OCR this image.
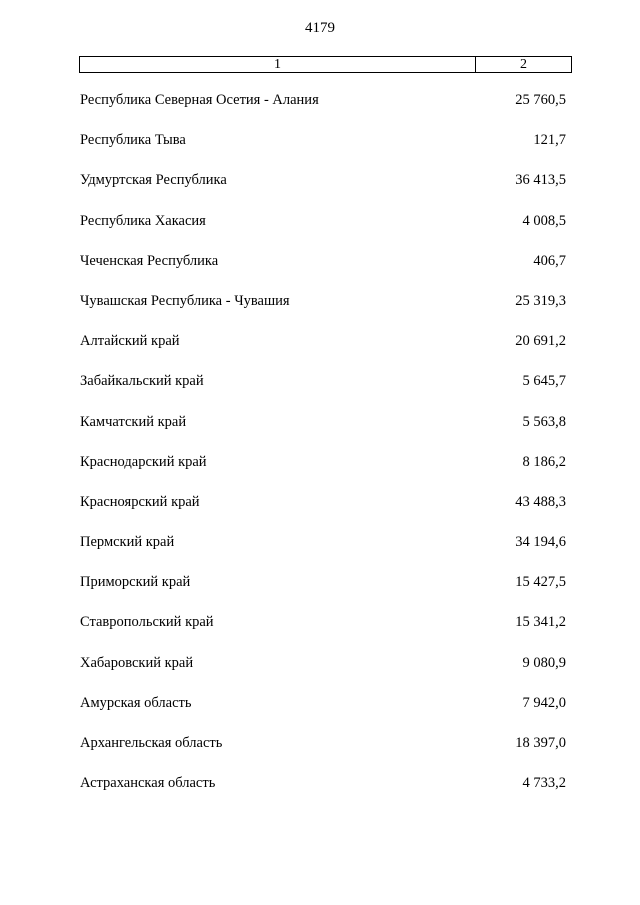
4179
1	2
Республика Северная Осетия - Алания	25 760,5
Республика Тыва	121,7
Удмуртская Республика	36 413,5
Республика Хакасия	4 008,5
Чеченская Республика	406,7
Чувашская Республика - Чувашия	25 319,3
Алтайский край	20 691,2
Забайкальский край	5 645,7
Камчатский край	5 563,8
Краснодарский край	8 186,2
Красноярский край	43 488,3
Пермский край	34 194,6
Приморский край	15 427,5
Ставропольский край	15 341,2
Хабаровский край	9 080,9
Амурская область	7 942,0
Архангельская область	18 397,0
Астраханская область	4 733,2
